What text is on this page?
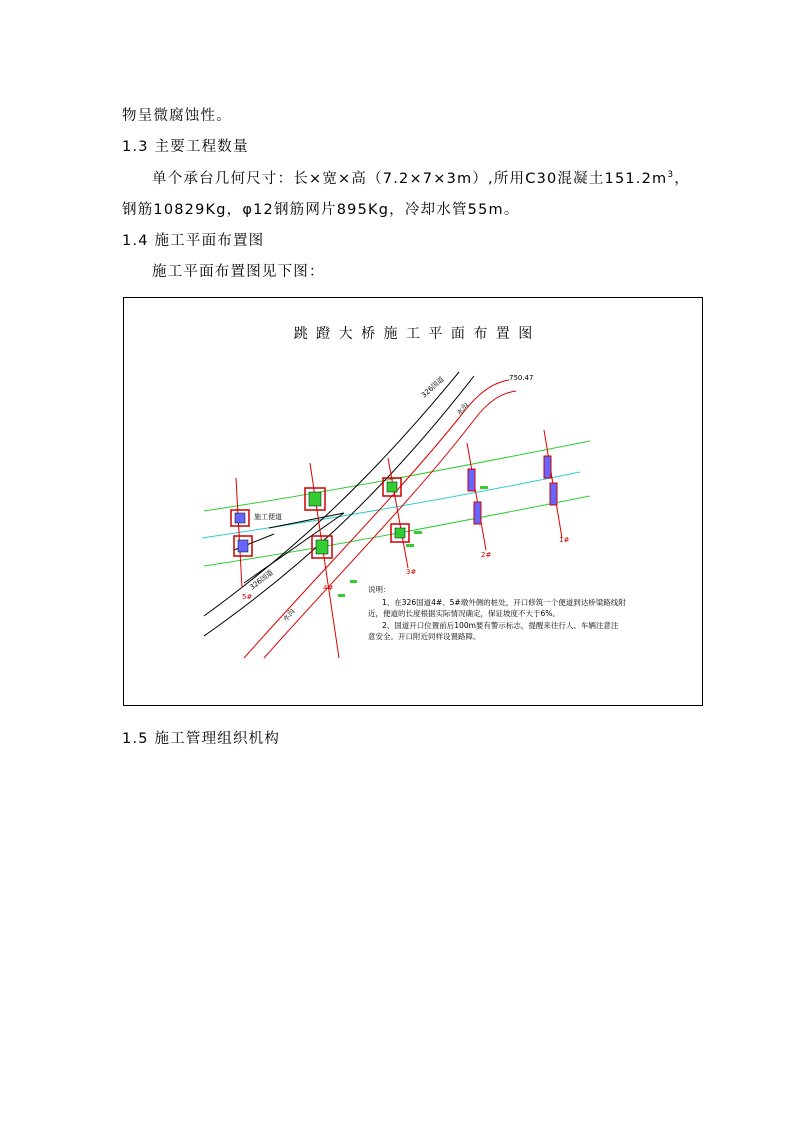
物呈微腐蚀性。
1.3 主要工程数量
单个承台几何尺寸：长×宽×高（7.2×7×3m）,所用C30混凝土$151.2m^3$，
钢筋10829Kg，φ12钢筋网片895Kg，冷却水管55m。
1.4 施工平面布置图
施工平面布置图见下图：
跳 蹬 大 桥 施 工 平 面 布 置 图
326国道
326国道
施工便道
水沟
水沟
750.47
5#
4#
3#
2#
1#
说明：
1、在326国道4#、5#墩外侧的桩处，开口修筑一个便道到达桥梁路线附
近，便道的长度根据实际情况确定，保证坡度不大于6%。
2、国道开口位置前后100m要有警示标志，提醒来往行人、车辆注意注
意安全。开口附近同样设置路障。
1.5 施工管理组织机构
